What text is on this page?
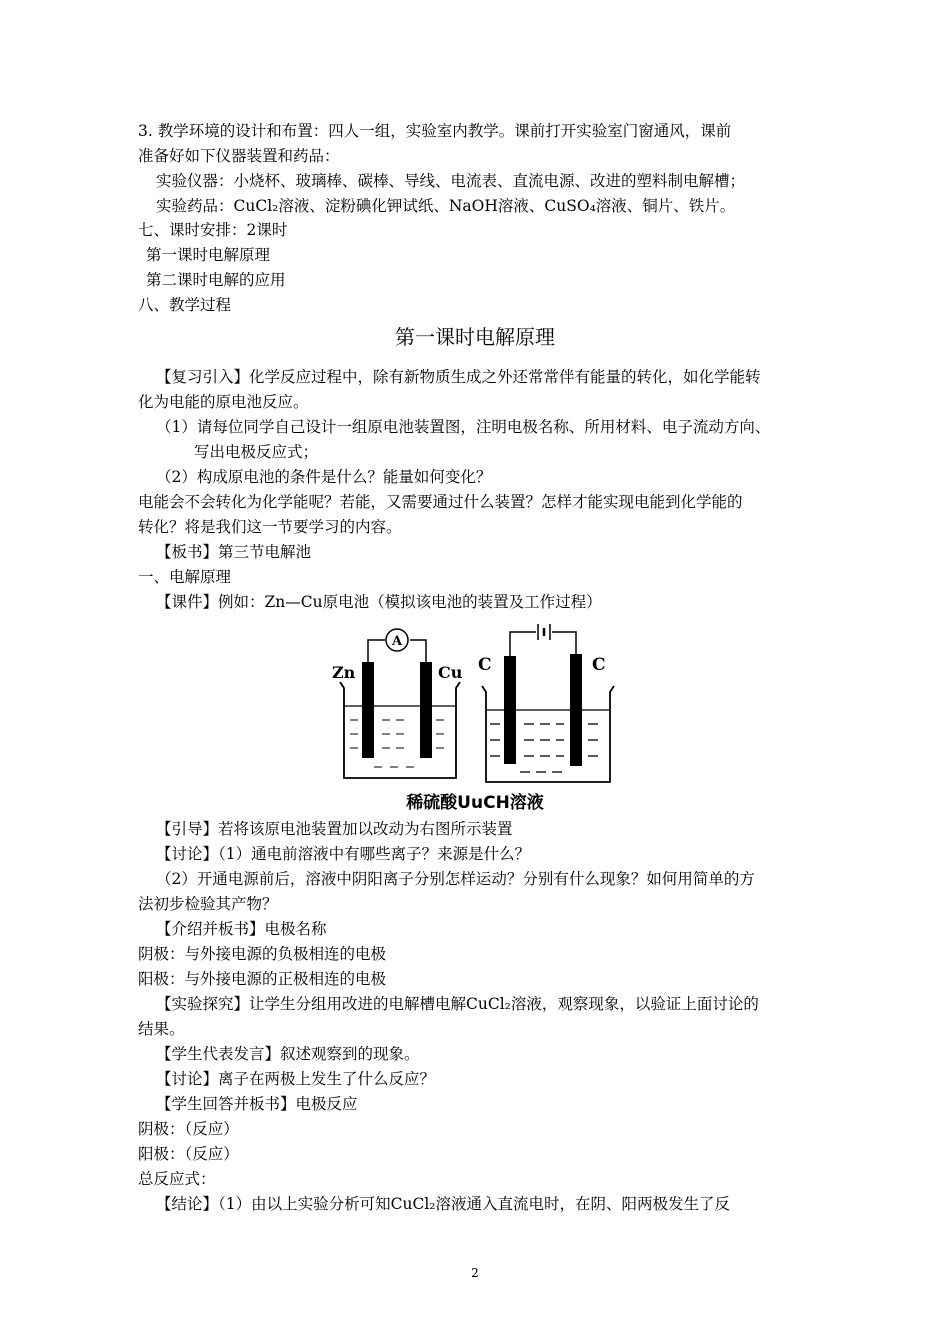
3. 教学环境的设计和布置：四人一组，实验室内教学。课前打开实验室门窗通风，课前
准备好如下仪器装置和药品：
实验仪器：小烧杯、玻璃棒、碳棒、导线、电流表、直流电源、改进的塑料制电解槽；
实验药品：CuCl₂溶液、淀粉碘化钾试纸、NaOH溶液、CuSO₄溶液、铜片、铁片。
七、课时安排：2课时
第一课时电解原理
第二课时电解的应用
八、教学过程
第一课时电解原理
【复习引入】化学反应过程中，除有新物质生成之外还常常伴有能量的转化，如化学能转
化为电能的原电池反应。
（1）请每位同学自己设计一组原电池装置图，注明电极名称、所用材料、电子流动方向、
写出电极反应式；
（2）构成原电池的条件是什么？能量如何变化？
电能会不会转化为化学能呢？若能，又需要通过什么装置？怎样才能实现电能到化学能的
转化？将是我们这一节要学习的内容。
【板书】第三节电解池
一、电解原理
【课件】例如：Zn—Cu原电池（模拟该电池的装置及工作过程）
A
Zn	Cu C	C
稀硫酸UuCH溶液
【引导】若将该原电池装置加以改动为右图所示装置
【讨论】（1）通电前溶液中有哪些离子？来源是什么？
（2）开通电源前后，溶液中阴阳离子分别怎样运动？分别有什么现象？如何用简单的方
法初步检验其产物？
【介绍并板书】电极名称
阴极：与外接电源的负极相连的电极
阳极：与外接电源的正极相连的电极
【实验探究】让学生分组用改进的电解槽电解CuCl₂溶液，观察现象，以验证上面讨论的
结果。
【学生代表发言】叙述观察到的现象。
【讨论】离子在两极上发生了什么反应？
【学生回答并板书】电极反应
阴极：（反应）
阳极：（反应）
总反应式：
【结论】（1）由以上实验分析可知CuCl₂溶液通入直流电时，在阴、阳两极发生了反
2
